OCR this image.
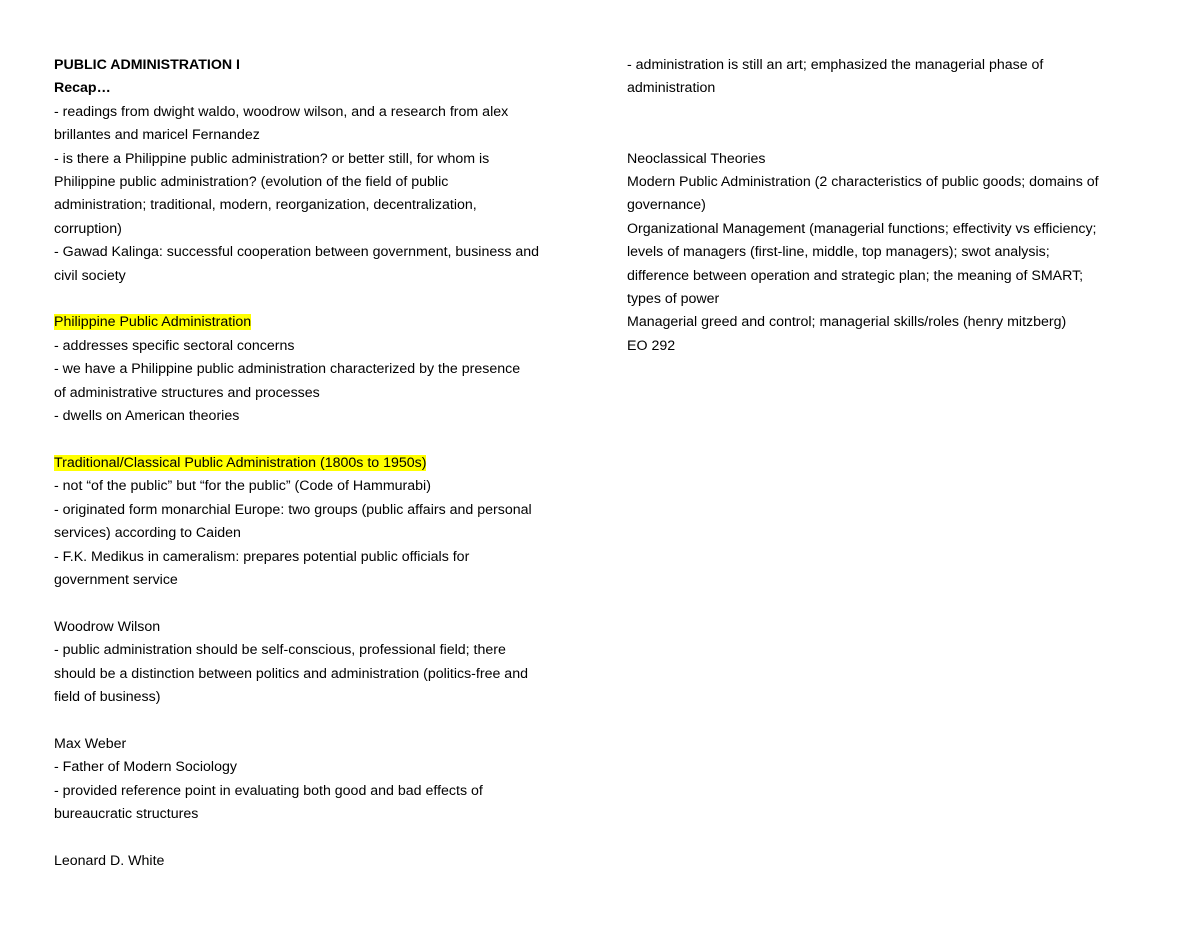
PUBLIC ADMINISTRATION I
Recap…
- readings from dwight waldo, woodrow wilson, and a research from alex
brillantes and maricel Fernandez
- is there a Philippine public administration? or better still, for whom is
Philippine public administration? (evolution of the field of public
administration; traditional, modern, reorganization, decentralization,
corruption)
- Gawad Kalinga: successful cooperation between government, business and
civil society
Philippine Public Administration
- addresses specific sectoral concerns
- we have a Philippine public administration characterized by the presence
of administrative structures and processes
- dwells on American theories
Traditional/Classical Public Administration (1800s to 1950s)
- not “of the public” but “for the public” (Code of Hammurabi)
- originated form monarchial Europe: two groups (public affairs and personal
services) according to Caiden
- F.K. Medikus in cameralism: prepares potential public officials for
government service
Woodrow Wilson
- public administration should be self-conscious, professional field; there
should be a distinction between politics and administration (politics-free and
field of business)
Max Weber
- Father of Modern Sociology
- provided reference point in evaluating both good and bad effects of
bureaucratic structures
Leonard D. White
- administration is still an art; emphasized the managerial phase of
administration
Neoclassical Theories
Modern Public Administration (2 characteristics of public goods; domains of
governance)
Organizational Management (managerial functions; effectivity vs efficiency;
levels of managers (first-line, middle, top managers); swot analysis;
difference between operation and strategic plan; the meaning of SMART;
types of power
Managerial greed and control; managerial skills/roles (henry mitzberg)
EO 292
